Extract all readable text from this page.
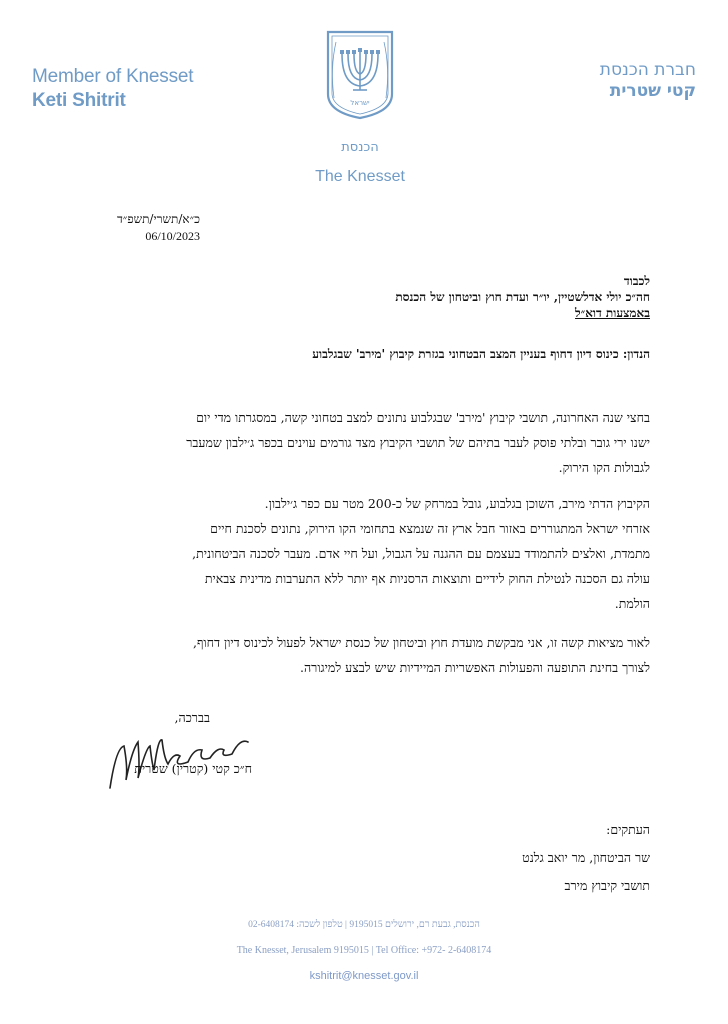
Member of Knesset
Keti Shitrit
חברת הכנסת
קטי שטרית
ישראל
הכנסת
The Knesset
כ״א/תשרי/תשפ״ד
06/10/2023
לכבוד
חה״כ יולי אדלשטיין, יו״ר ועדת חוץ וביטחון של הכנסת
באמצעות דוא״ל
הנדון: כינוס דיון דחוף בעניין המצב הבטחוני בגזרת קיבוץ 'מירב' שבגלבוע
בחצי שנה האחרונה, תושבי קיבוץ 'מירב' שבגלבוע נתונים למצב בטחוני קשה, במסגרתו מדי יום
ישנו ירי גובר ובלתי פוסק לעבר בתיהם של תושבי הקיבוץ מצד גורמים עוינים בכפר ג׳ילבון שמעבר
לגבולות הקו הירוק.
הקיבוץ הדתי מירב, השוכן בגלבוע, גובל במרחק של כ-200 מטר עם כפר ג׳ילבון.
אזרחי ישראל המתגוררים באזור חבל ארץ זה שנמצא בתחומי הקו הירוק, נתונים לסכנת חיים
מתמדת, ואלצים להתמודד בעצמם עם ההגנה על הגבול, ועל חיי אדם. מעבר לסכנה הביטחונית,
עולה גם הסכנה לנטילת החוק לידיים ותוצאות הרסניות אף יותר ללא התערבות מדינית צבאית
הולמת.
לאור מציאות קשה זו, אני מבקשת מועדת חוץ וביטחון של כנסת ישראל לפעול לכינוס דיון דחוף,
לצורך בחינת התופעה והפעולות האפשריות המיידיות שיש לבצע למיגורה.
בברכה,
ח״כ קטי (קטרין) שטרית
העתקים:
שר הביטחון, מר יואב גלנט
תושבי קיבוץ מירב
הכנסת, גבעת רם, ירושלים 9195015 | טלפון לשכה: 02-6408174
The Knesset, Jerusalem 9195015 | Tel Office: +972- 2-6408174
kshitrit@knesset.gov.il
